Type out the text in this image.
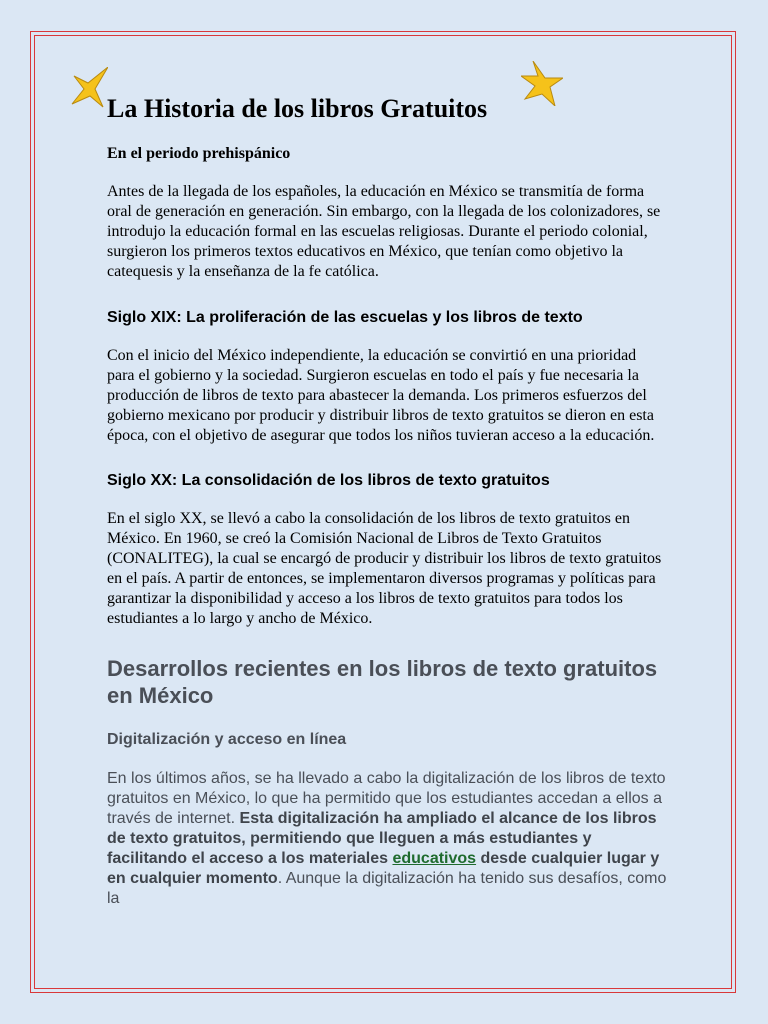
La Historia de los libros Gratuitos

En el periodo prehispánico

Antes de la llegada de los españoles, la educación en México se transmitía de forma oral de generación en generación. Sin embargo, con la llegada de los colonizadores, se introdujo la educación formal en las escuelas religiosas. Durante el periodo colonial, surgieron los primeros textos educativos en México, que tenían como objetivo la catequesis y la enseñanza de la fe católica.

Siglo XIX: La proliferación de las escuelas y los libros de texto

Con el inicio del México independiente, la educación se convirtió en una prioridad para el gobierno y la sociedad. Surgieron escuelas en todo el país y fue necesaria la producción de libros de texto para abastecer la demanda. Los primeros esfuerzos del gobierno mexicano por producir y distribuir libros de texto gratuitos se dieron en esta época, con el objetivo de asegurar que todos los niños tuvieran acceso a la educación.

Siglo XX: La consolidación de los libros de texto gratuitos

En el siglo XX, se llevó a cabo la consolidación de los libros de texto gratuitos en México. En 1960, se creó la Comisión Nacional de Libros de Texto Gratuitos (CONALITEG), la cual se encargó de producir y distribuir los libros de texto gratuitos en el país. A partir de entonces, se implementaron diversos programas y políticas para garantizar la disponibilidad y acceso a los libros de texto gratuitos para todos los estudiantes a lo largo y ancho de México.

Desarrollos recientes en los libros de texto gratuitos en México

Digitalización y acceso en línea

En los últimos años, se ha llevado a cabo la digitalización de los libros de texto gratuitos en México, lo que ha permitido que los estudiantes accedan a ellos a través de internet. Esta digitalización ha ampliado el alcance de los libros de texto gratuitos, permitiendo que lleguen a más estudiantes y facilitando el acceso a los materiales educativos desde cualquier lugar y en cualquier momento. Aunque la digitalización ha tenido sus desafíos, como la
